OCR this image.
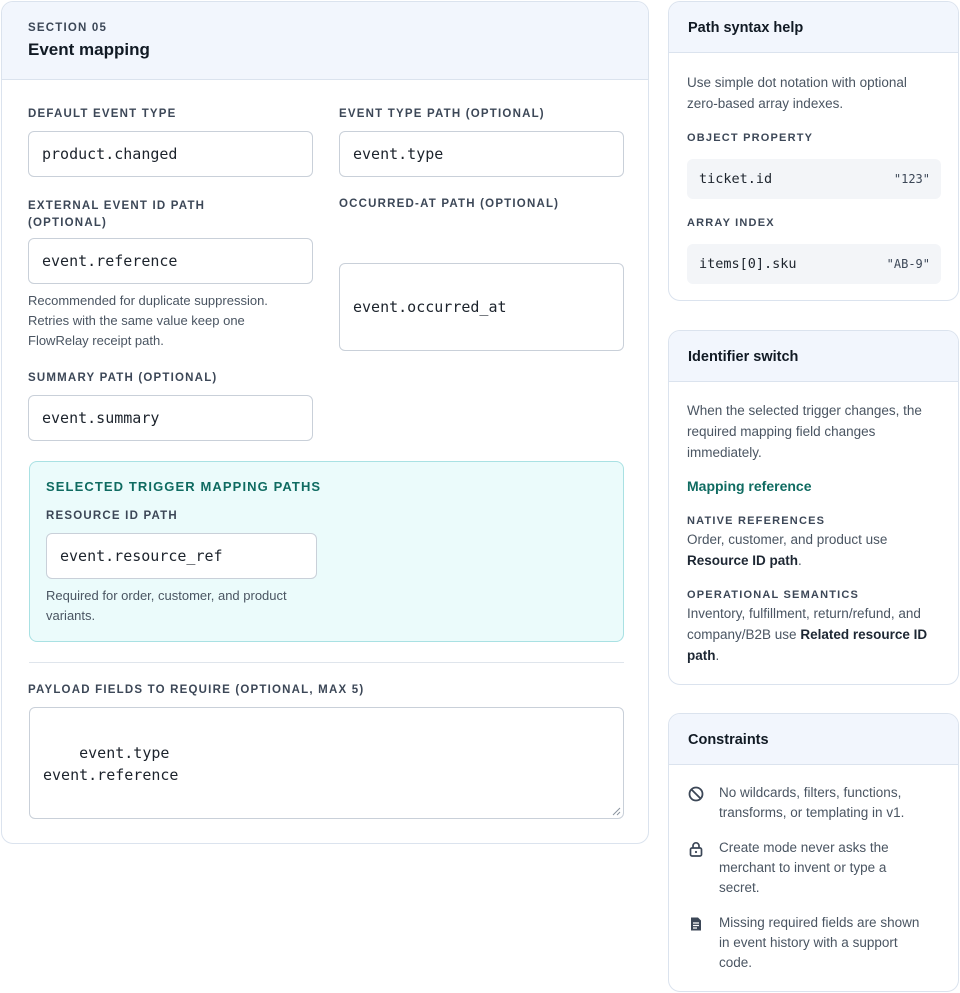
SECTION 05
Event mapping
DEFAULT EVENT TYPE
product.changed
EVENT TYPE PATH (OPTIONAL)
event.type
EXTERNAL EVENT ID PATH
(OPTIONAL)
event.reference
Recommended for duplicate suppression.
Retries with the same value keep one
FlowRelay receipt path.
OCCURRED-AT PATH (OPTIONAL)
event.occurred_at
SUMMARY PATH (OPTIONAL)
event.summary
SELECTED TRIGGER MAPPING PATHS
RESOURCE ID PATH
event.resource_ref
Required for order, customer, and product
variants.
PAYLOAD FIELDS TO REQUIRE (OPTIONAL, MAX 5)

event.type
event.reference

Path syntax help
Use simple dot notation with optional
zero-based array indexes.
OBJECT PROPERTY
ticket.id	"123"
ARRAY INDEX
items[0].sku	"AB-9"
Identifier switch
When the selected trigger changes, the
required mapping field changes
immediately.
Mapping reference
NATIVE REFERENCES
Order, customer, and product use
Resource ID path.
OPERATIONAL SEMANTICS
Inventory, fulfillment, return/refund, and
company/B2B use Related resource ID
path.
Constraints
No wildcards, filters, functions,
transforms, or templating in v1.
Create mode never asks the
merchant to invent or type a
secret.
Missing required fields are shown
in event history with a support
code.
